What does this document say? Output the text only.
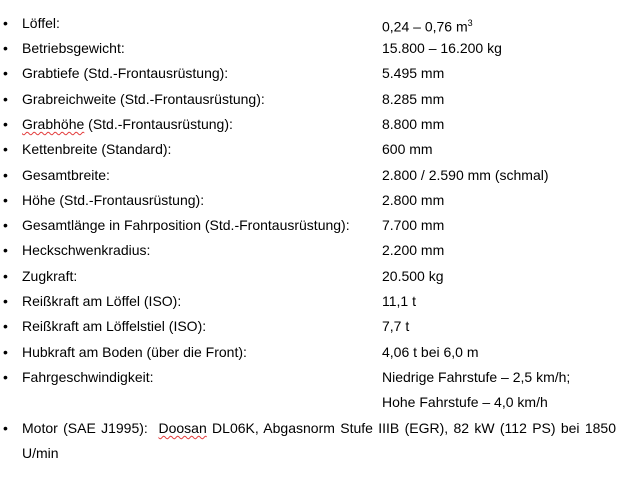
• Löffel:	0,24 – 0,76 $m^3$
• Betriebsgewicht:	15.800 – 16.200 kg
• Grabtiefe (Std.-Frontausrüstung):	5.495 mm
• Grabreichweite (Std.-Frontausrüstung):	8.285 mm
• Grabhöhe (Std.-Frontausrüstung):	8.800 mm
• Kettenbreite (Standard):	600 mm
• Gesamtbreite:	2.800 / 2.590 mm (schmal)
• Höhe (Std.-Frontausrüstung):	2.800 mm
• Gesamtlänge in Fahrposition (Std.-Frontausrüstung): 7.700 mm
• Heckschwenkradius:	2.200 mm
• Zugkraft:	20.500 kg
• Reißkraft am Löffel (ISO):	11,1 t
• Reißkraft am Löffelstiel (ISO):	7,7 t
• Hubkraft am Boden (über die Front):	4,06 t bei 6,0 m
• Fahrgeschwindigkeit:	Niedrige Fahrstufe – 2,5 km/h;
Hohe Fahrstufe – 4,0 km/h
• Motor (SAE J1995): Doosan DL06K, Abgasnorm Stufe IIIB (EGR), 82 kW (112 PS) bei 1850 U/min
